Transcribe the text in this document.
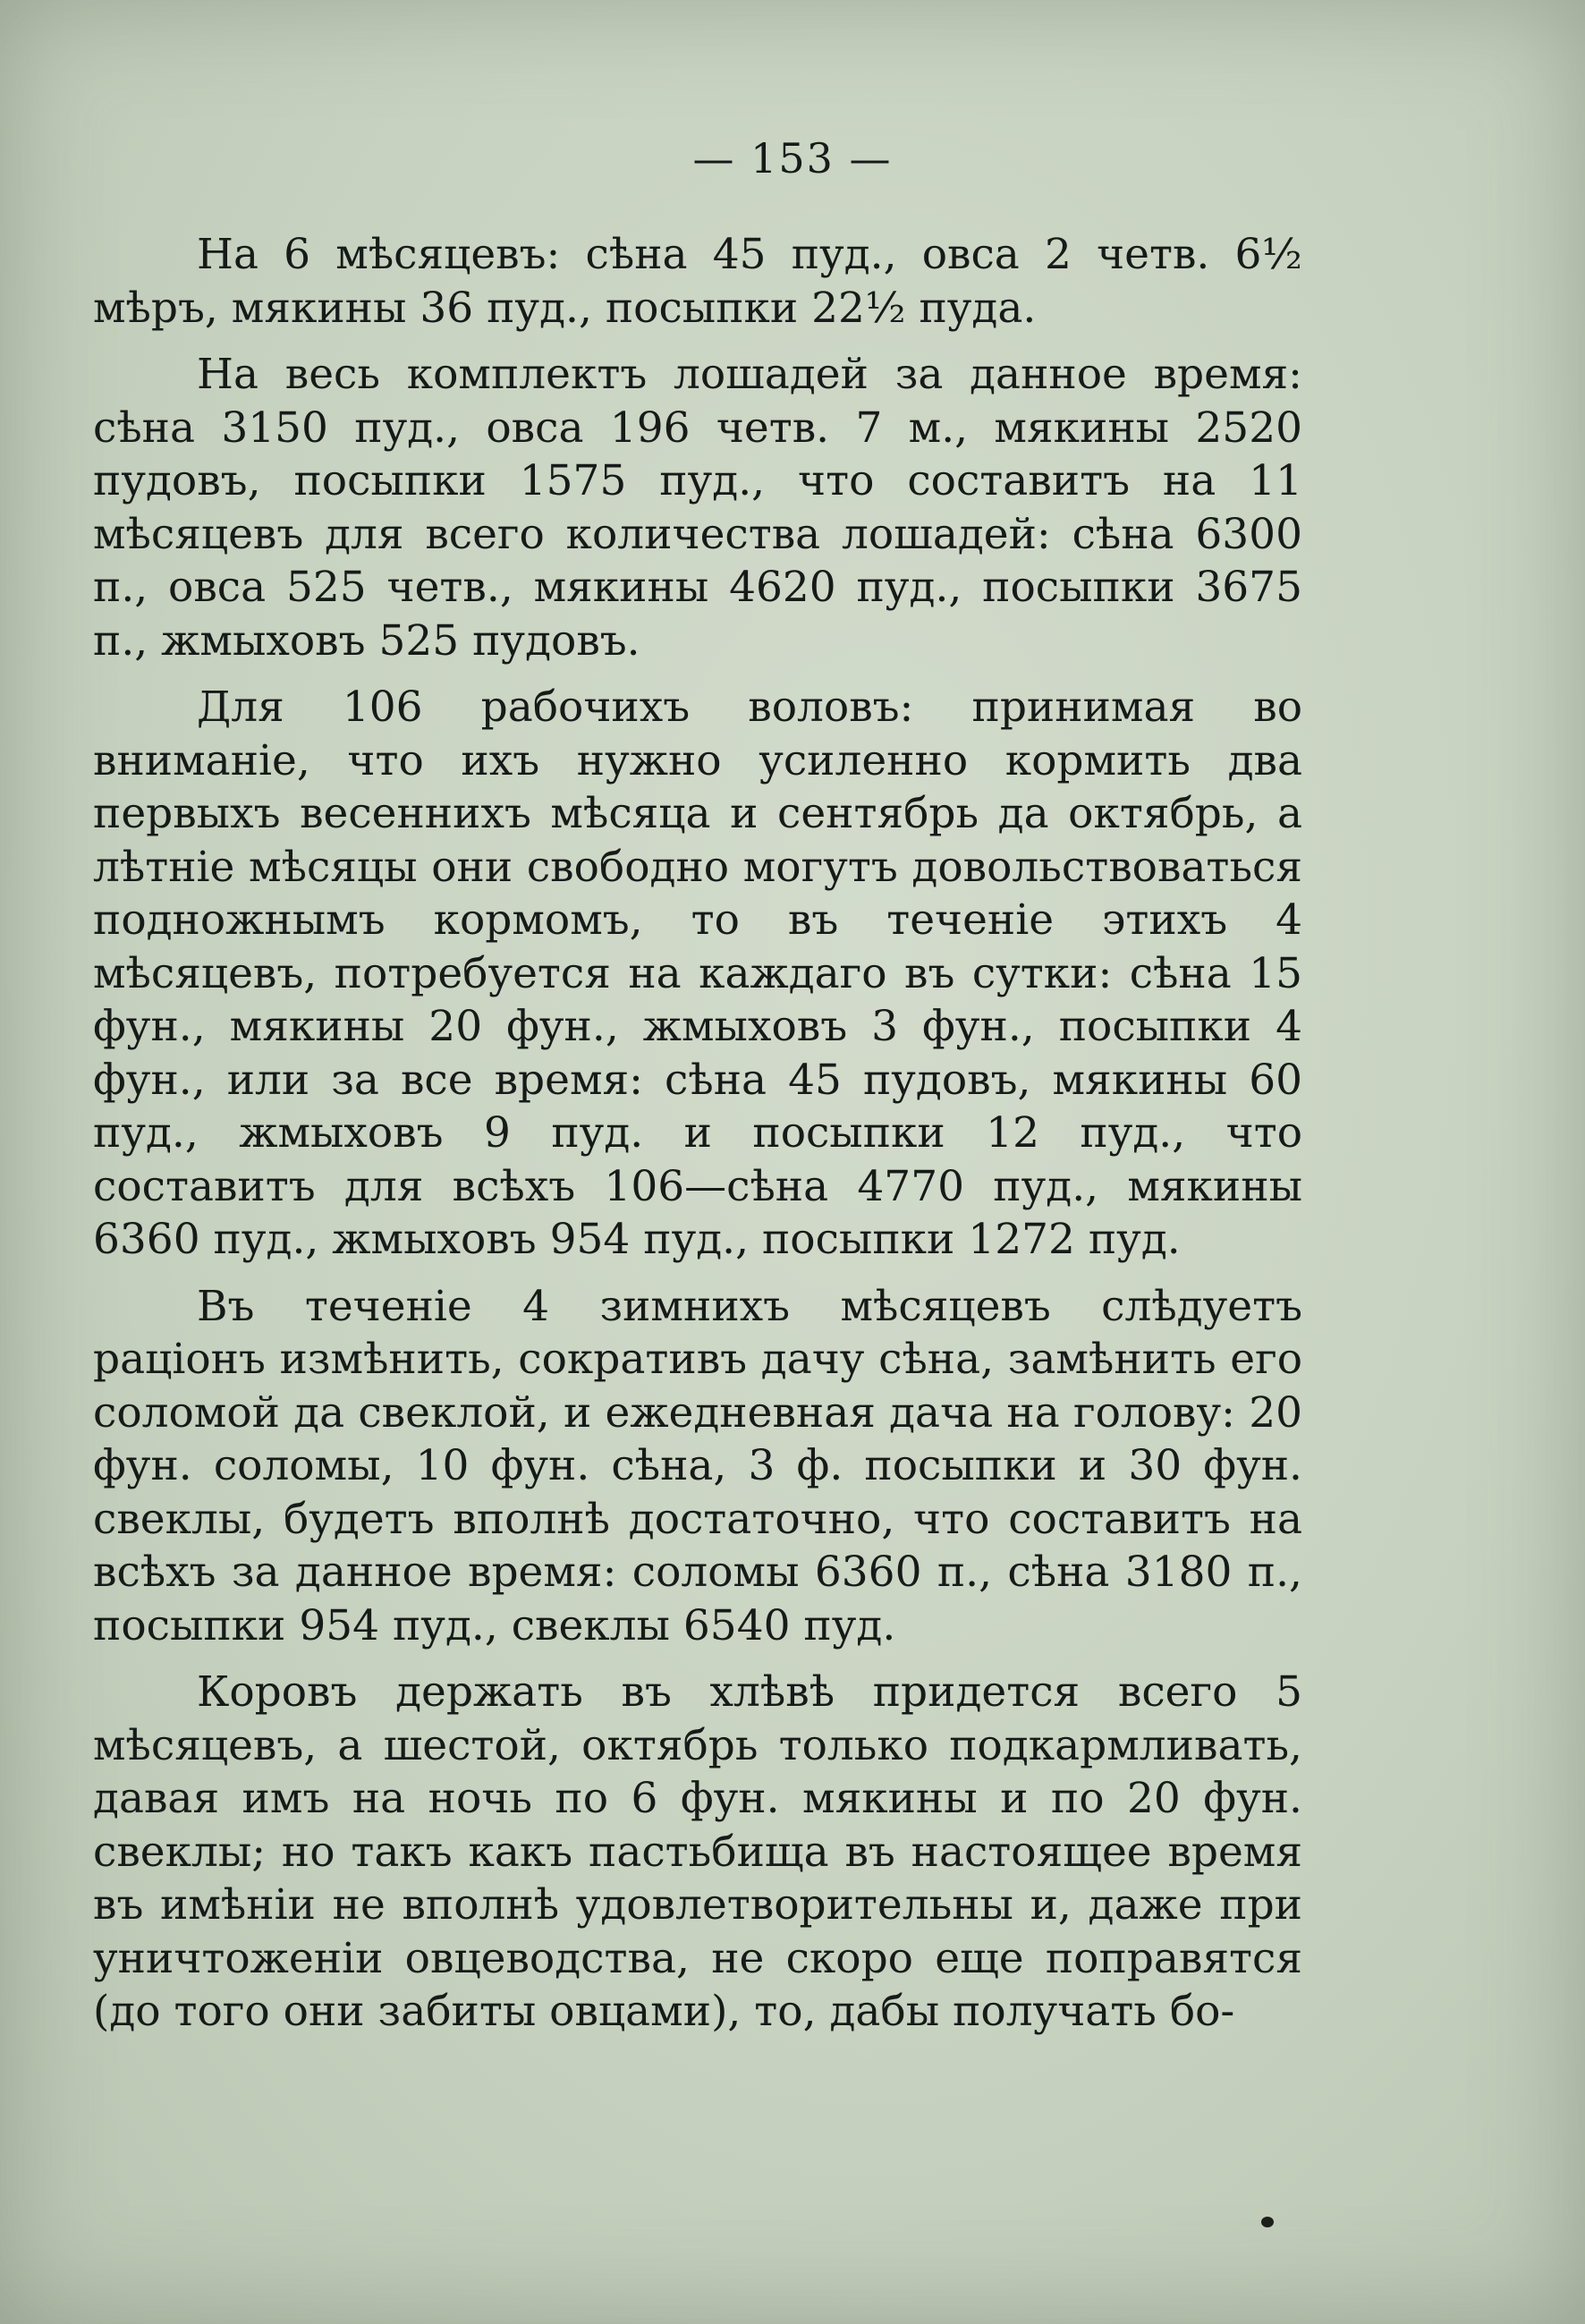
— 153 —

На 6 мѣсяцевъ: сѣна 45 пуд., овса 2 четв. 6½ мѣръ, мякины 36 пуд., посыпки 22½ пуда.

На весь комплектъ лошадей за данное время: сѣна 3150 пуд., овса 196 четв. 7 м., мякины 2520 пудовъ, посыпки 1575 пуд., что составитъ на 11 мѣсяцевъ для всего количества лошадей: сѣна 6300 п., овса 525 четв., мякины 4620 пуд., посыпки 3675 п., жмыховъ 525 пудовъ.

Для 106 рабочихъ воловъ: принимая во вниманіе, что ихъ нужно усиленно кормить два первыхъ весеннихъ мѣсяца и сентябрь да октябрь, а лѣтніе мѣсяцы они свободно могутъ довольствоваться подножнымъ кормомъ, то въ теченіе этихъ 4 мѣсяцевъ, потребуется на каждаго въ сутки: сѣна 15 фун., мякины 20 фун., жмыховъ 3 фун., посыпки 4 фун., или за все время: сѣна 45 пудовъ, мякины 60 пуд., жмыховъ 9 пуд. и посыпки 12 пуд., что составитъ для всѣхъ 106—сѣна 4770 пуд., мякины 6360 пуд., жмыховъ 954 пуд., посыпки 1272 пуд.

Въ теченіе 4 зимнихъ мѣсяцевъ слѣдуетъ раціонъ измѣнить, сокративъ дачу сѣна, замѣнить его соломой да свеклой, и ежедневная дача на голову: 20 фун. соломы, 10 фун. сѣна, 3 ф. посыпки и 30 фун. свеклы, будетъ вполнѣ достаточно, что составитъ на всѣхъ за данное время: соломы 6360 п., сѣна 3180 п., посыпки 954 пуд., свеклы 6540 пуд.

Коровъ держать въ хлѣвѣ придется всего 5 мѣсяцевъ, а шестой, октябрь только подкармливать, давая имъ на ночь по 6 фун. мякины и по 20 фун. свеклы; но такъ какъ пастьбища въ настоящее время въ имѣніи не вполнѣ удовлетворительны и, даже при уничтоженіи овцеводства, не скоро еще поправятся (до того они забиты овцами), то, дабы получать бо-
